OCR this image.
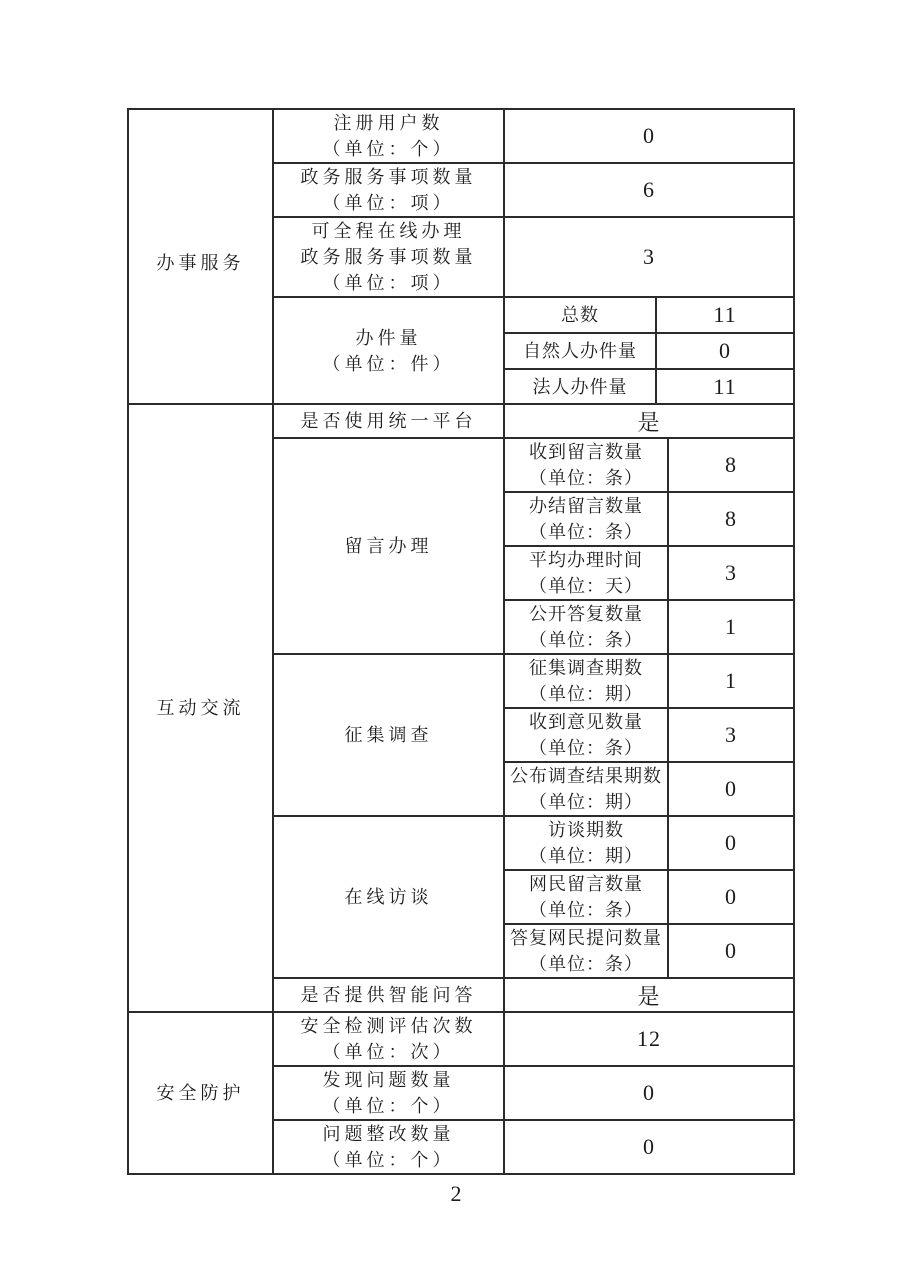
办事服务	注册用户数
（单位：个）	0		

	政务服务事项数量
（单位：项）	6		

	可全程在线办理
政务服务事项数量
（单位：项）	3		

	办件量
（单位：件）	总数	11	

		自然人办件量	0	

		法人办件量	11	

互动交流	是否使用统一平台	是		

	留言办理	收到留言数量
（单位：条）		8

		办结留言数量
（单位：条）		8

		平均办理时间
（单位：天）		3

		公开答复数量
（单位：条）		1

	征集调查	征集调查期数
（单位：期）		1

		收到意见数量
（单位：条）		3

		公布调查结果期数
（单位：期）		0

	在线访谈	访谈期数
（单位：期）		0

		网民留言数量
（单位：条）		0

		答复网民提问数量
（单位：条）		0

	是否提供智能问答	是		

安全防护	安全检测评估次数
（单位：次）	12		

	发现问题数量
（单位：个）	0		

	问题整改数量
（单位：个）	0		
2
